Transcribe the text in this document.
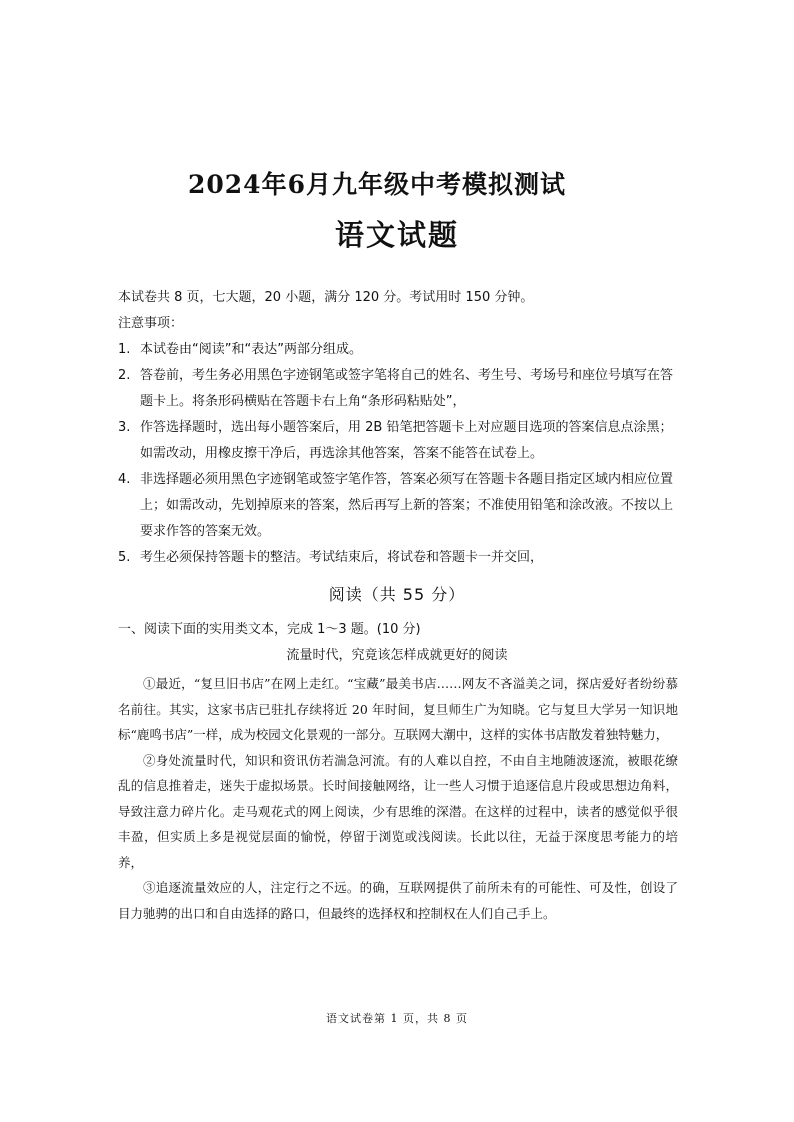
2024年6月九年级中考模拟测试
语文试题

本试卷共 8 页，七大题，20 小题，满分 120 分。考试用时 150 分钟。

注意事项：

1. 本试卷由“阅读”和“表达”两部分组成。
2. 答卷前，考生务必用黑色字迹钢笔或签字笔将自己的姓名、考生号、考场号和座位号填写在答题卡上。将条形码横贴在答题卡右上角“条形码粘贴处”，
3. 作答选择题时，选出每小题答案后，用 2B 铅笔把答题卡上对应题目选项的答案信息点涂黑；如需改动，用橡皮擦干净后，再选涂其他答案，答案不能答在试卷上。
4. 非选择题必须用黑色字迹钢笔或签字笔作答，答案必须写在答题卡各题目指定区域内相应位置上；如需改动，先划掉原来的答案，然后再写上新的答案；不准使用铅笔和涂改液。不按以上要求作答的答案无效。
5. 考生必须保持答题卡的整洁。考试结束后，将试卷和答题卡一并交回，
阅读（共 55 分）
一、阅读下面的实用类文本，完成 1～3 题。(10 分)
流量时代，究竟该怎样成就更好的阅读

①最近，“复旦旧书店”在网上走红。“宝藏”最美书店……网友不吝溢美之词，探店爱好者纷纷慕名前往。其实，这家书店已驻扎存续将近 20 年时间，复旦师生广为知晓。它与复旦大学另一知识地标“鹿鸣书店”一样，成为校园文化景观的一部分。互联网大潮中，这样的实体书店散发着独特魅力，

②身处流量时代，知识和资讯仿若湍急河流。有的人难以自控，不由自主地随波逐流，被眼花缭乱的信息推着走，迷失于虚拟场景。长时间接触网络，让一些人习惯于追逐信息片段或思想边角料，导致注意力碎片化。走马观花式的网上阅读，少有思维的深潜。在这样的过程中，读者的感觉似乎很丰盈，但实质上多是视觉层面的愉悦，停留于浏览或浅阅读。长此以往，无益于深度思考能力的培养，

③追逐流量效应的人，注定行之不远。的确，互联网提供了前所未有的可能性、可及性，创设了目力驰骋的出口和自由选择的路口，但最终的选择权和控制权在人们自己手上。

语文试卷第 1 页，共 8 页
